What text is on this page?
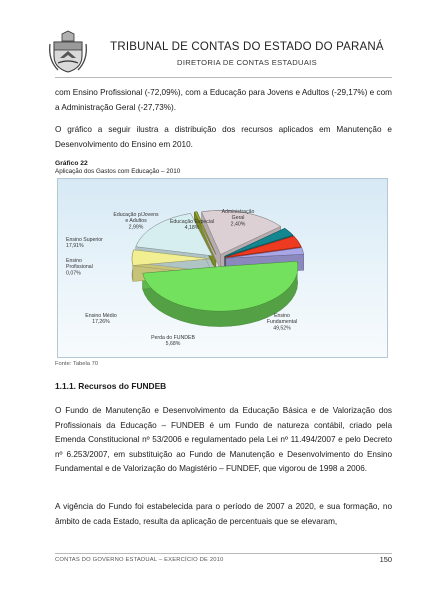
TRIBUNAL DE CONTAS DO ESTADO DO PARANÁ
DIRETORIA DE CONTAS ESTADUAIS
com Ensino Profissional (-72,09%), com a Educação para Jovens e Adultos (-29,17%) e com a Administração Geral (-27,73%).
O gráfico a seguir ilustra a distribuição dos recursos aplicados em Manutenção e Desenvolvimento do Ensino em 2010.
Gráfico 22
Aplicação dos Gastos com Educação – 2010
Ensino Fundamental 49,52%
Perda do FUNDEB 5,68%
Ensino Médio 17,26%
Ensino Profissional 0,07%
Ensino Superior 17,91%
Educação p/Jovens e Adultos 2,99%
Educação Especial 4,18%
Administração Geral 2,40%
Fonte: Tabela 70
1.1.1. Recursos do FUNDEB
O Fundo de Manutenção e Desenvolvimento da Educação Básica e de Valorização dos Profissionais da Educação – FUNDEB é um Fundo de natureza contábil, criado pela Emenda Constitucional nº 53/2006 e regulamentado pela Lei nº 11.494/2007 e pelo Decreto nº 6.253/2007, em substituição ao Fundo de Manutenção e Desenvolvimento do Ensino Fundamental e de Valorização do Magistério – FUNDEF, que vigorou de 1998 a 2006.
A vigência do Fundo foi estabelecida para o período de 2007 a 2020, e sua formação, no âmbito de cada Estado, resulta da aplicação de percentuais que se elevaram,
CONTAS DO GOVERNO ESTADUAL – EXERCÍCIO DE 2010	150
